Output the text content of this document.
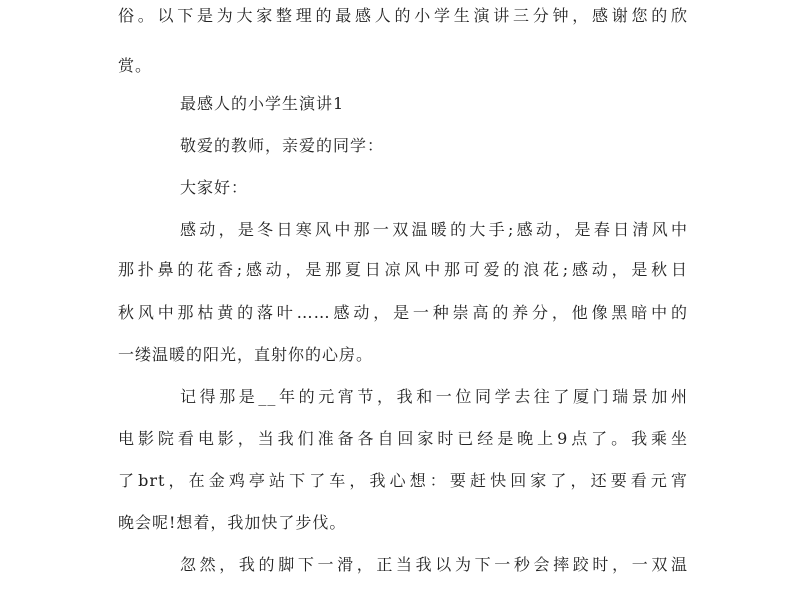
俗。以下是为大家整理的最感人的小学生演讲三分钟，感谢您的欣
赏。
最感人的小学生演讲1
敬爱的教师，亲爱的同学：
大家好：
感动，是冬日寒风中那一双温暖的大手;感动，是春日清风中
那扑鼻的花香;感动，是那夏日凉风中那可爱的浪花;感动，是秋日
秋风中那枯黄的落叶……感动，是一种崇高的养分，他像黑暗中的
一缕温暖的阳光，直射你的心房。
记得那是__年的元宵节，我和一位同学去往了厦门瑞景加州
电影院看电影，当我们准备各自回家时已经是晚上9点了。我乘坐
了brt，在金鸡亭站下了车，我心想：要赶快回家了，还要看元宵
晚会呢!想着，我加快了步伐。
忽然，我的脚下一滑，正当我以为下一秒会摔跤时，一双温
